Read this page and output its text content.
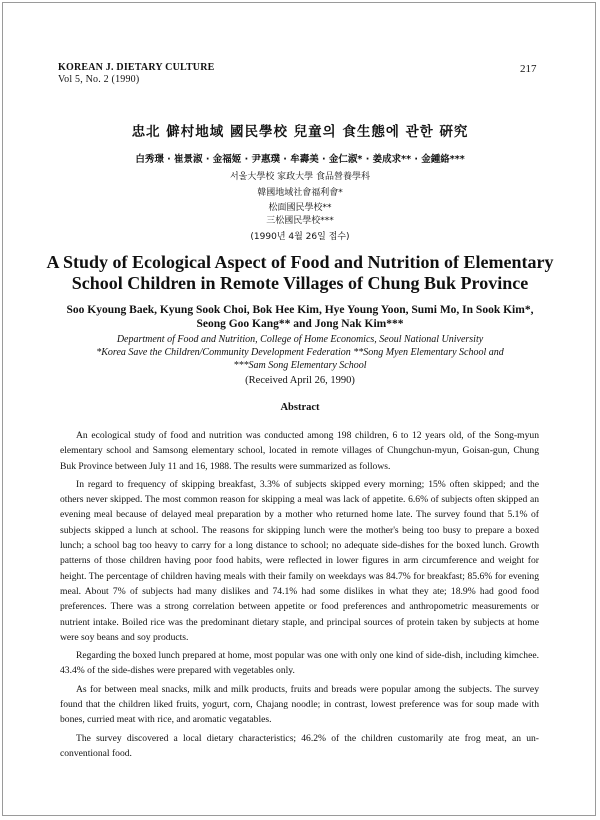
KOREAN J. DIETARY CULTURE
Vol 5, No. 2 (1990)
217
忠北 僻村地域 國民學校 兒童의 食生態에 관한 硏究
白秀璟 · 崔景淑 · 金福姬 · 尹惠璞 · 牟壽美 · 金仁淑* · 姜成求** · 金鍾絡***
서울大學校 家政大學 食品營養學科
韓國地域社會福利會*
松面國民學校**
三松國民學校***
(1990년 4월 26일 접수)
A Study of Ecological Aspect of Food and Nutrition of Elementary
School Children in Remote Villages of Chung Buk Province
Soo Kyoung Baek, Kyung Sook Choi, Bok Hee Kim, Hye Young Yoon, Sumi Mo, In Sook Kim*,
Seong Goo Kang** and Jong Nak Kim***
Department of Food and Nutrition, College of Home Economics, Seoul National University
*Korea Save the Children/Community Development Federation **Song Myen Elementary School and
***Sam Song Elementary School
(Received April 26, 1990)
Abstract

An ecological study of food and nutrition was conducted among 198 children, 6 to 12 years old, of the Song-myun elementary school and Samsong elementary school, located in remote villages of Chungchun-myun, Goisan-gun, Chung Buk Province between July 11 and 16, 1988. The results were summarized as follows.

In regard to frequency of skipping breakfast, 3.3% of subjects skipped every morning; 15% often skipped; and the others never skipped. The most common reason for skipping a meal was lack of appetite. 6.6% of subjects often skipped an evening meal because of delayed meal preparation by a mother who returned home late. The survey found that 5.1% of subjects skipped a lunch at school. The reasons for skipping lunch were the mother's being too busy to prepare a boxed lunch; a school bag too heavy to carry for a long distance to school; no adequate side-dishes for the boxed lunch. Growth patterns of those children having poor food habits, were reflected in lower figures in arm circumference and weight for height. The percentage of children having meals with their family on weekdays was 84.7% for breakfast; 85.6% for evening meal. About 7% of subjects had many dislikes and 74.1% had some dislikes in what they ate; 18.9% had good food preferences. There was a strong correlation between appetite or food preferences and anthropometric measurements or nutrient intake. Boiled rice was the predominant dietary staple, and principal sources of protein taken by subjects at home were soy beans and soy products.

Regarding the boxed lunch prepared at home, most popular was one with only one kind of side-dish, including kimchee. 43.4% of the side-dishes were prepared with vegetables only.

As for between meal snacks, milk and milk products, fruits and breads were popular among the subjects. The survey found that the children liked fruits, yogurt, corn, Chajang noodle; in contrast, lowest preference was for soup made with bones, curried meat with rice, and aromatic vegatables.

The survey discovered a local dietary characteristics; 46.2% of the children customarily ate frog meat, an un-conventional food.
